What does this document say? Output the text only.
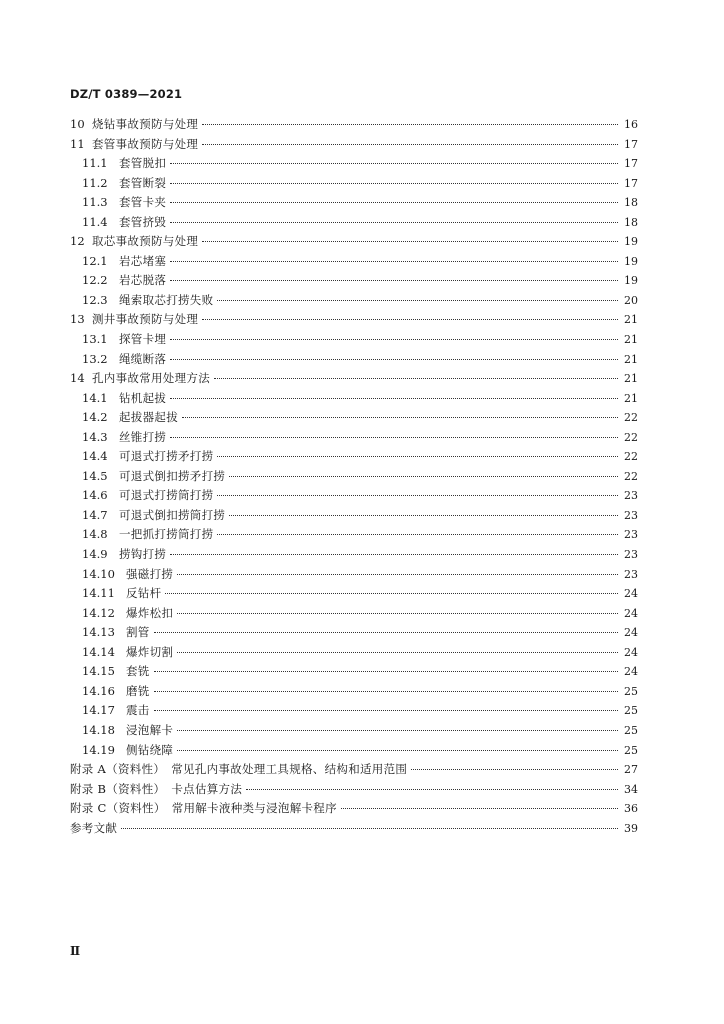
DZ/T 0389—2021
10 烧钻事故预防与处理	16
11 套管事故预防与处理	17
11.1 套管脱扣	17
11.2 套管断裂	17
11.3 套管卡夹	18
11.4 套管挤毁	18
12 取芯事故预防与处理	19
12.1 岩芯堵塞	19
12.2 岩芯脱落	19
12.3 绳索取芯打捞失败	20
13 测井事故预防与处理	21
13.1 探管卡埋	21
13.2 绳缆断落	21
14 孔内事故常用处理方法	21
14.1 钻机起拔	21
14.2 起拔器起拔	22
14.3 丝锥打捞	22
14.4 可退式打捞矛打捞	22
14.5 可退式倒扣捞矛打捞	22
14.6 可退式打捞筒打捞	23
14.7 可退式倒扣捞筒打捞	23
14.8 一把抓打捞筒打捞	23
14.9 捞钩打捞	23
14.10 强磁打捞	23
14.11 反钻杆	24
14.12 爆炸松扣	24
14.13 割管	24
14.14 爆炸切割	24
14.15 套铣	24
14.16 磨铣	25
14.17 震击	25
14.18 浸泡解卡	25
14.19 侧钻绕障	25
附录 A（资料性）　常见孔内事故处理工具规格、结构和适用范围	27
附录 B（资料性）　卡点估算方法	34
附录 C（资料性）　常用解卡液种类与浸泡解卡程序	36
参考文献	39
Ⅱ
